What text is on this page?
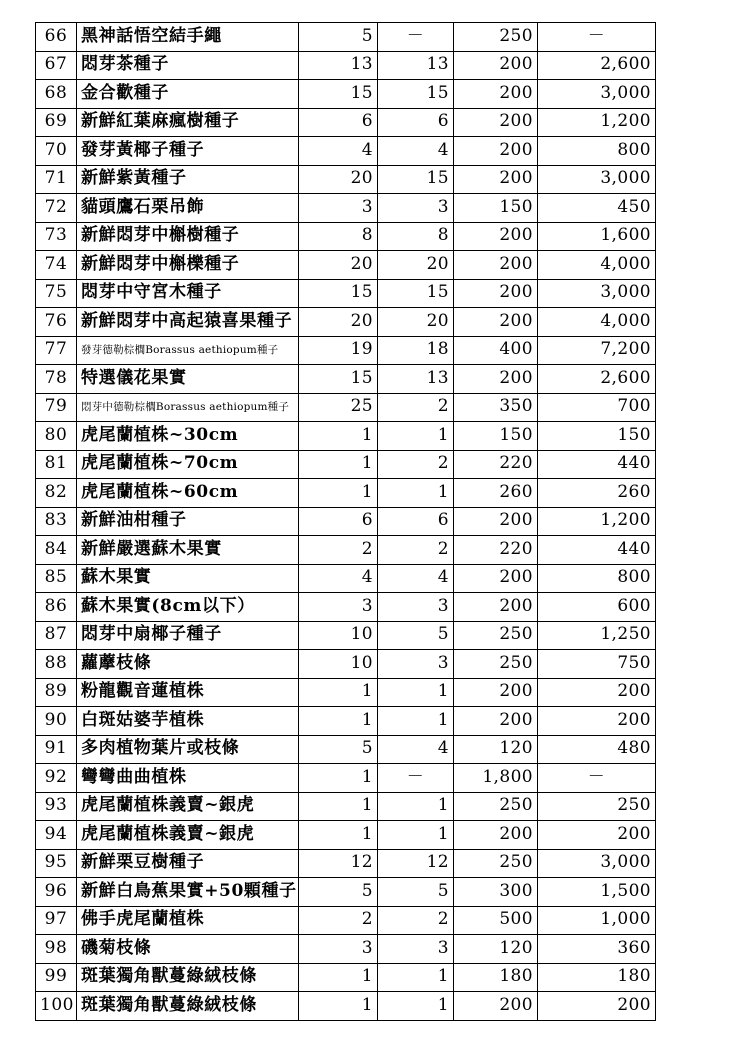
66	黑神話悟空結手繩	5	－	250	－
67	悶芽茶種子	13	13	200	2,600
68	金合歡種子	15	15	200	3,000
69	新鮮紅葉麻瘋樹種子	6	6	200	1,200
70	發芽黃椰子種子	4	4	200	800
71	新鮮紫黃種子	20	15	200	3,000
72	貓頭鷹石栗吊飾	3	3	150	450
73	新鮮悶芽中槲樹種子	8	8	200	1,600
74	新鮮悶芽中槲櫟種子	20	20	200	4,000
75	悶芽中守宮木種子	15	15	200	3,000
76	新鮮悶芽中高起猿喜果種子	20	20	200	4,000
77	發芽德勒棕櫚Borassus aethiopum種子	19	18	400	7,200
78	特選儀花果實	15	13	200	2,600
79	悶芽中德勒棕櫚Borassus aethiopum種子	25	2	350	700
80	虎尾蘭植株~30cm	1	1	150	150
81	虎尾蘭植株~70cm	1	2	220	440
82	虎尾蘭植株~60cm	1	1	260	260
83	新鮮油柑種子	6	6	200	1,200
84	新鮮嚴選蘇木果實	2	2	220	440
85	蘇木果實	4	4	200	800
86	蘇木果實(8cm以下）	3	3	200	600
87	悶芽中扇椰子種子	10	5	250	1,250
88	蘿藦枝條	10	3	250	750
89	粉龍觀音蓮植株	1	1	200	200
90	白斑姑婆芋植株	1	1	200	200
91	多肉植物葉片或枝條	5	4	120	480
92	彎彎曲曲植株	1	－	1,800	－
93	虎尾蘭植株義賣~銀虎	1	1	250	250
94	虎尾蘭植株義賣~銀虎	1	1	200	200
95	新鮮栗豆樹種子	12	12	250	3,000
96	新鮮白鳥蕉果實+50顆種子	5	5	300	1,500
97	佛手虎尾蘭植株	2	2	500	1,000
98	磯菊枝條	3	3	120	360
99	斑葉獨角獸蔓綠絨枝條	1	1	180	180
100	斑葉獨角獸蔓綠絨枝條	1	1	200	200
